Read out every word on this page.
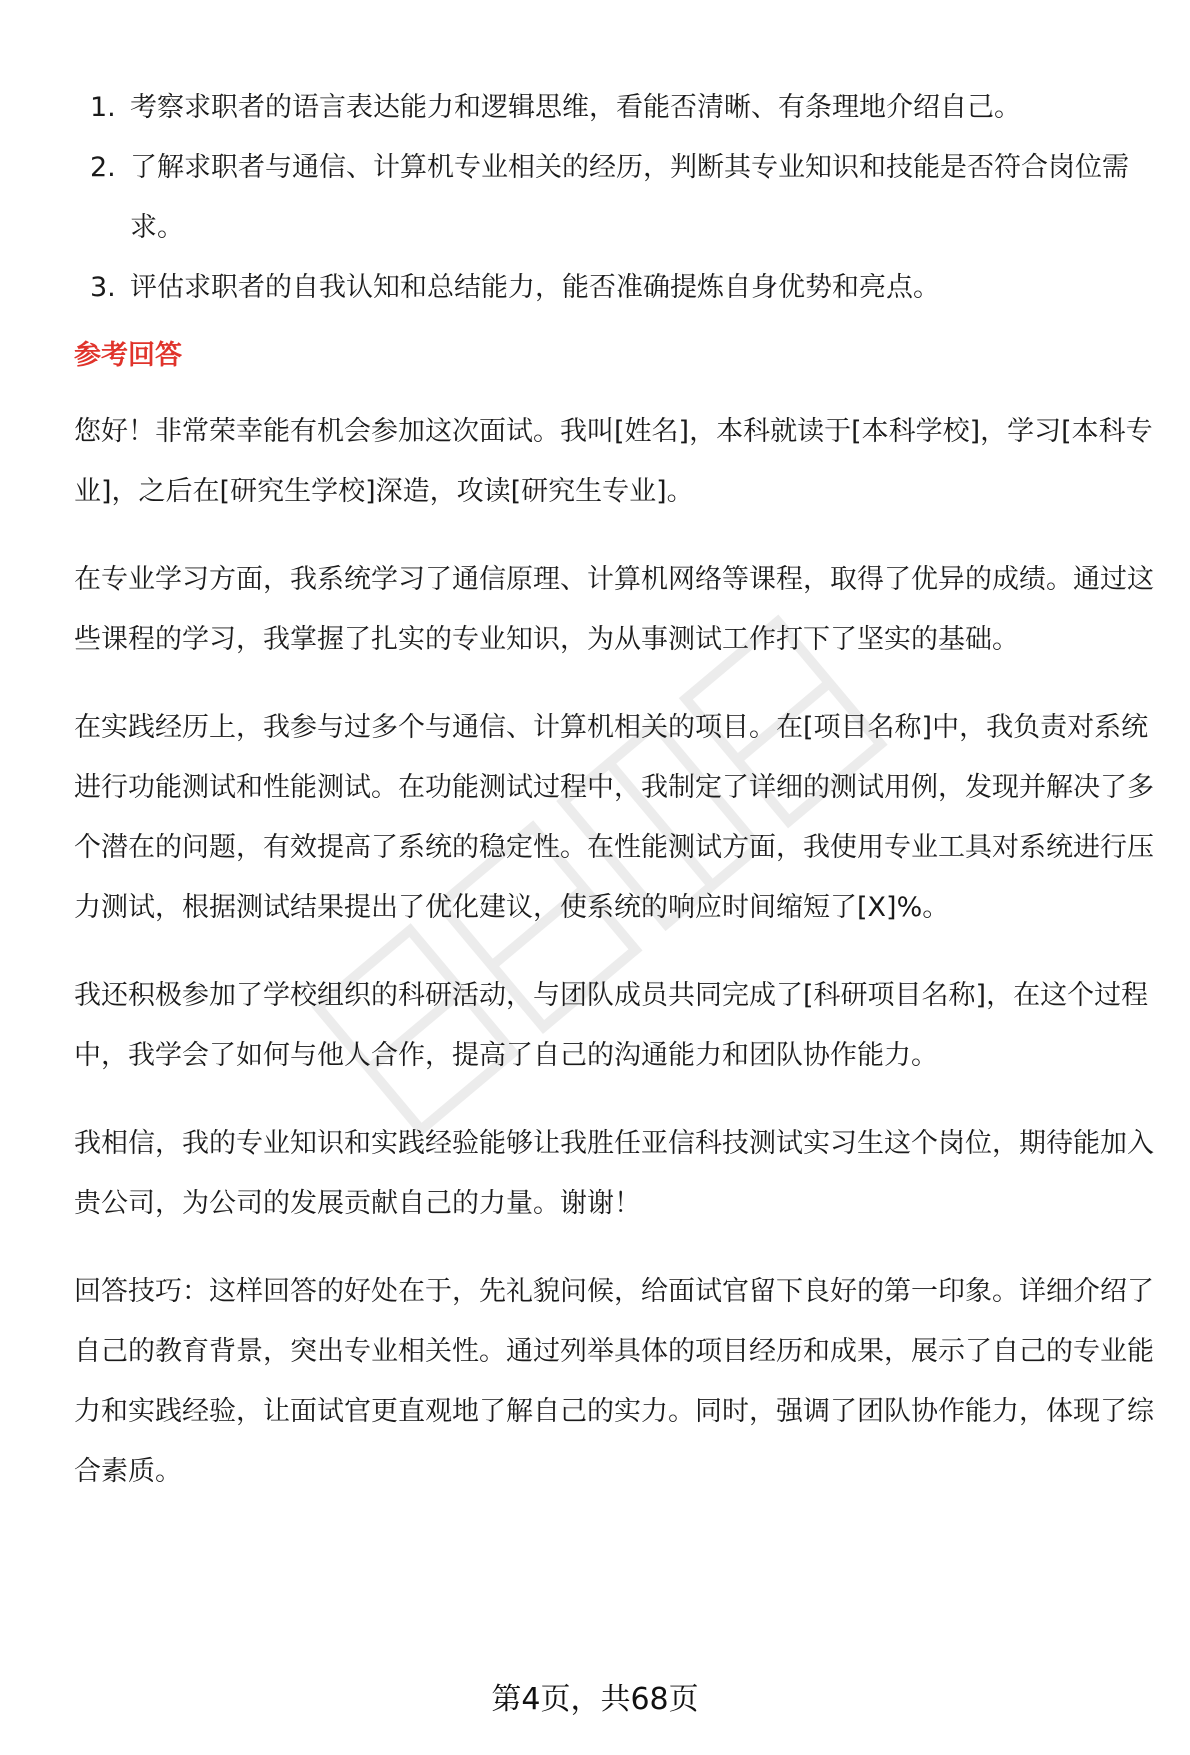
1. 考察求职者的语言表达能力和逻辑思维，看能否清晰、有条理地介绍自己。
2. 了解求职者与通信、计算机专业相关的经历，判断其专业知识和技能是否符合岗位需求。
3. 评估求职者的自我认知和总结能力，能否准确提炼自身优势和亮点。
参考回答

您好！非常荣幸能有机会参加这次面试。我叫[姓名]，本科就读于[本科学校]，学习[本科专业]，之后在[研究生学校]深造，攻读[研究生专业]。

在专业学习方面，我系统学习了通信原理、计算机网络等课程，取得了优异的成绩。通过这些课程的学习，我掌握了扎实的专业知识，为从事测试工作打下了坚实的基础。

在实践经历上，我参与过多个与通信、计算机相关的项目。在[项目名称]中，我负责对系统进行功能测试和性能测试。在功能测试过程中，我制定了详细的测试用例，发现并解决了多个潜在的问题，有效提高了系统的稳定性。在性能测试方面，我使用专业工具对系统进行压力测试，根据测试结果提出了优化建议，使系统的响应时间缩短了[X]%。

我还积极参加了学校组织的科研活动，与团队成员共同完成了[科研项目名称]，在这个过程中，我学会了如何与他人合作，提高了自己的沟通能力和团队协作能力。

我相信，我的专业知识和实践经验能够让我胜任亚信科技测试实习生这个岗位，期待能加入贵公司，为公司的发展贡献自己的力量。谢谢！

回答技巧：这样回答的好处在于，先礼貌问候，给面试官留下良好的第一印象。详细介绍了自己的教育背景，突出专业相关性。通过列举具体的项目经历和成果，展示了自己的专业能力和实践经验，让面试官更直观地了解自己的实力。同时，强调了团队协作能力，体现了综合素质。

第4页，共68页
